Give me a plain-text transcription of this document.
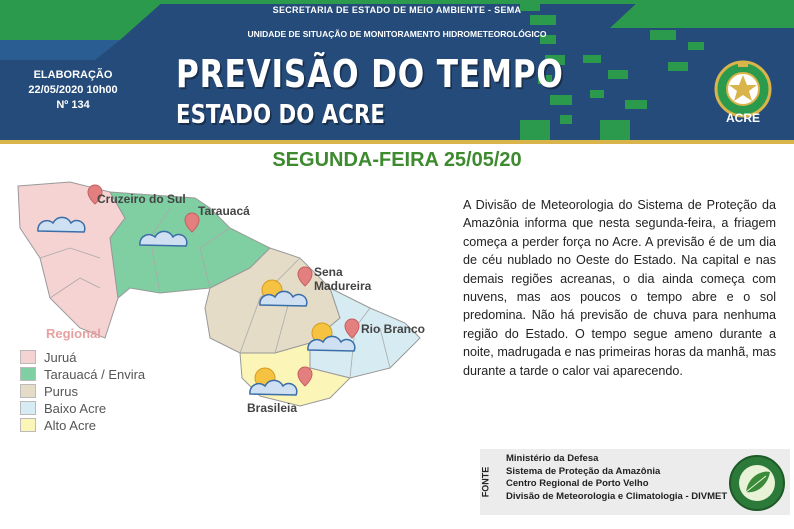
SECRETARIA DE ESTADO DE MEIO AMBIENTE - SEMA
UNIDADE DE SITUAÇÃO DE MONITORAMENTO HIDROMETEOROLÓGICO
ELABORAÇÃO
22/05/2020 10h00
Nº 134
PREVISÃO DO TEMPO
ESTADO DO ACRE	ACRE
SEGUNDA-FEIRA 25/05/20
Cruzeiro do Sul
Tarauacá
Sena
Madureira
Rio Branco
Brasileia
Regional
Juruá
Tarauacá / Envira
Purus
Baixo Acre
Alto Acre
A Divisão de Meteorologia do Sistema de Proteção da Amazônia informa que nesta segunda-feira, a friagem começa a perder força no Acre. A previsão é de um dia de céu nublado no Oeste do Estado. Na capital e nas demais regiões acreanas, o dia ainda começa com nuvens, mas aos poucos o tempo abre e o sol predomina. Não há previsão de chuva para nenhuma região do Estado. O tempo segue ameno durante a noite, madrugada e nas primeiras horas da manhã, mas durante a tarde o calor vai aparecendo.
FONTE
Ministério da Defesa
Sistema de Proteção da Amazônia
Centro Regional de Porto Velho
Divisão de Meteorologia e Climatologia - DIVMET
